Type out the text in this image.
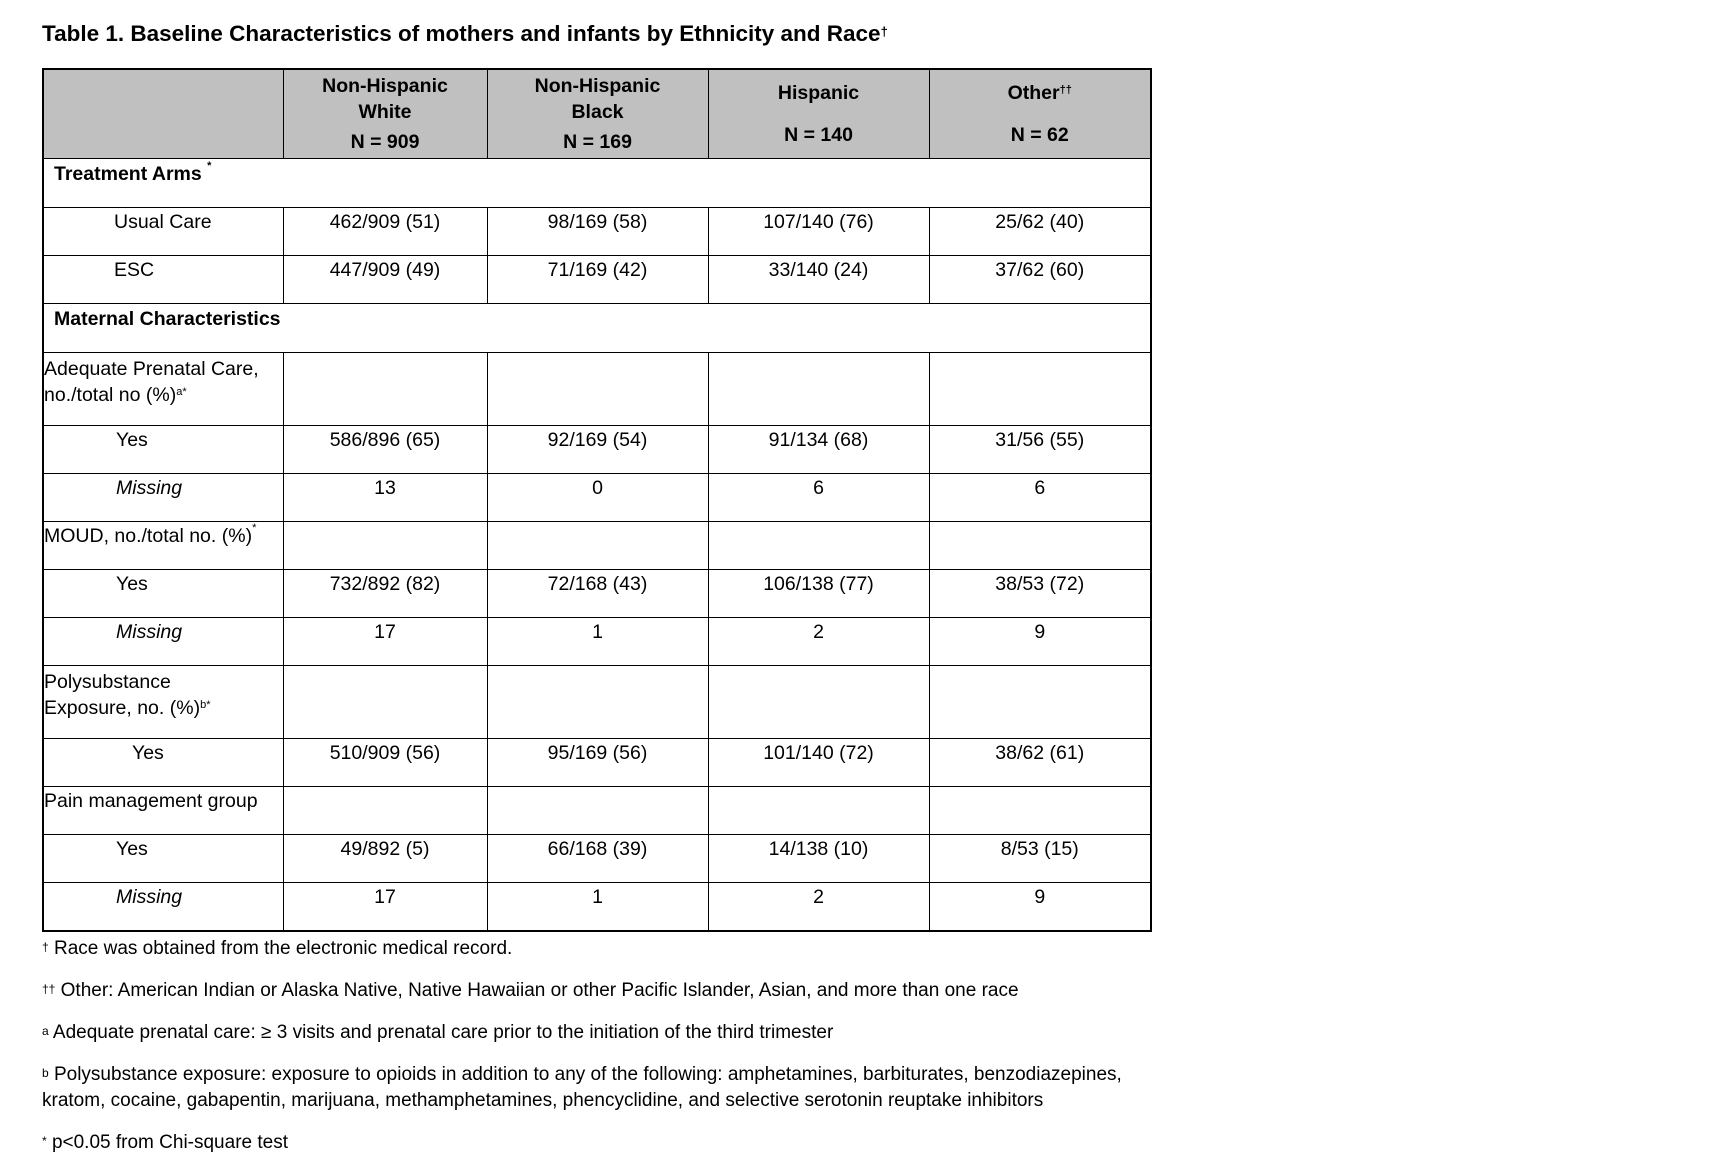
Table 1. Baseline Characteristics of mothers and infants by Ethnicity and Race†
	Non-Hispanic
White
N = 909	Non-Hispanic
Black
N = 169	Hispanic
N = 140	Other††
N = 62

Treatment Arms *
Usual Care	462/909 (51)	98/169 (58)	107/140 (76)	25/62 (40)
ESC	447/909 (49)	71/169 (42)	33/140 (24)	37/62 (60)
Maternal Characteristics				
Adequate Prenatal Care,
no./total no (%)$^{a*}$				
Yes	586/896 (65)	92/169 (54)	91/134 (68)	31/56 (55)
Missing	13	0	6	6
MOUD, no./total no. (%)*				
Yes	732/892 (82)	72/168 (43)	106/138 (77)	38/53 (72)
Missing	17	1	2	9
Polysubstance
Exposure, no. (%)$^{b*}$				
Yes	510/909 (56)	95/169 (56)	101/140 (72)	38/62 (61)
Pain management group				
Yes	49/892 (5)	66/168 (39)	14/138 (10)	8/53 (15)
Missing	17	1	2	9

† Race was obtained from the electronic medical record.

†† Other: American Indian or Alaska Native, Native Hawaiian or other Pacific Islander, Asian, and more than one race

$^a$ Adequate prenatal care: ≥ 3 visits and prenatal care prior to the initiation of the third trimester

$^b$ Polysubstance exposure: exposure to opioids in addition to any of the following: amphetamines, barbiturates, benzodiazepines, kratom, cocaine, gabapentin, marijuana, methamphetamines, phencyclidine, and selective serotonin reuptake inhibitors

* p<0.05 from Chi-square test
